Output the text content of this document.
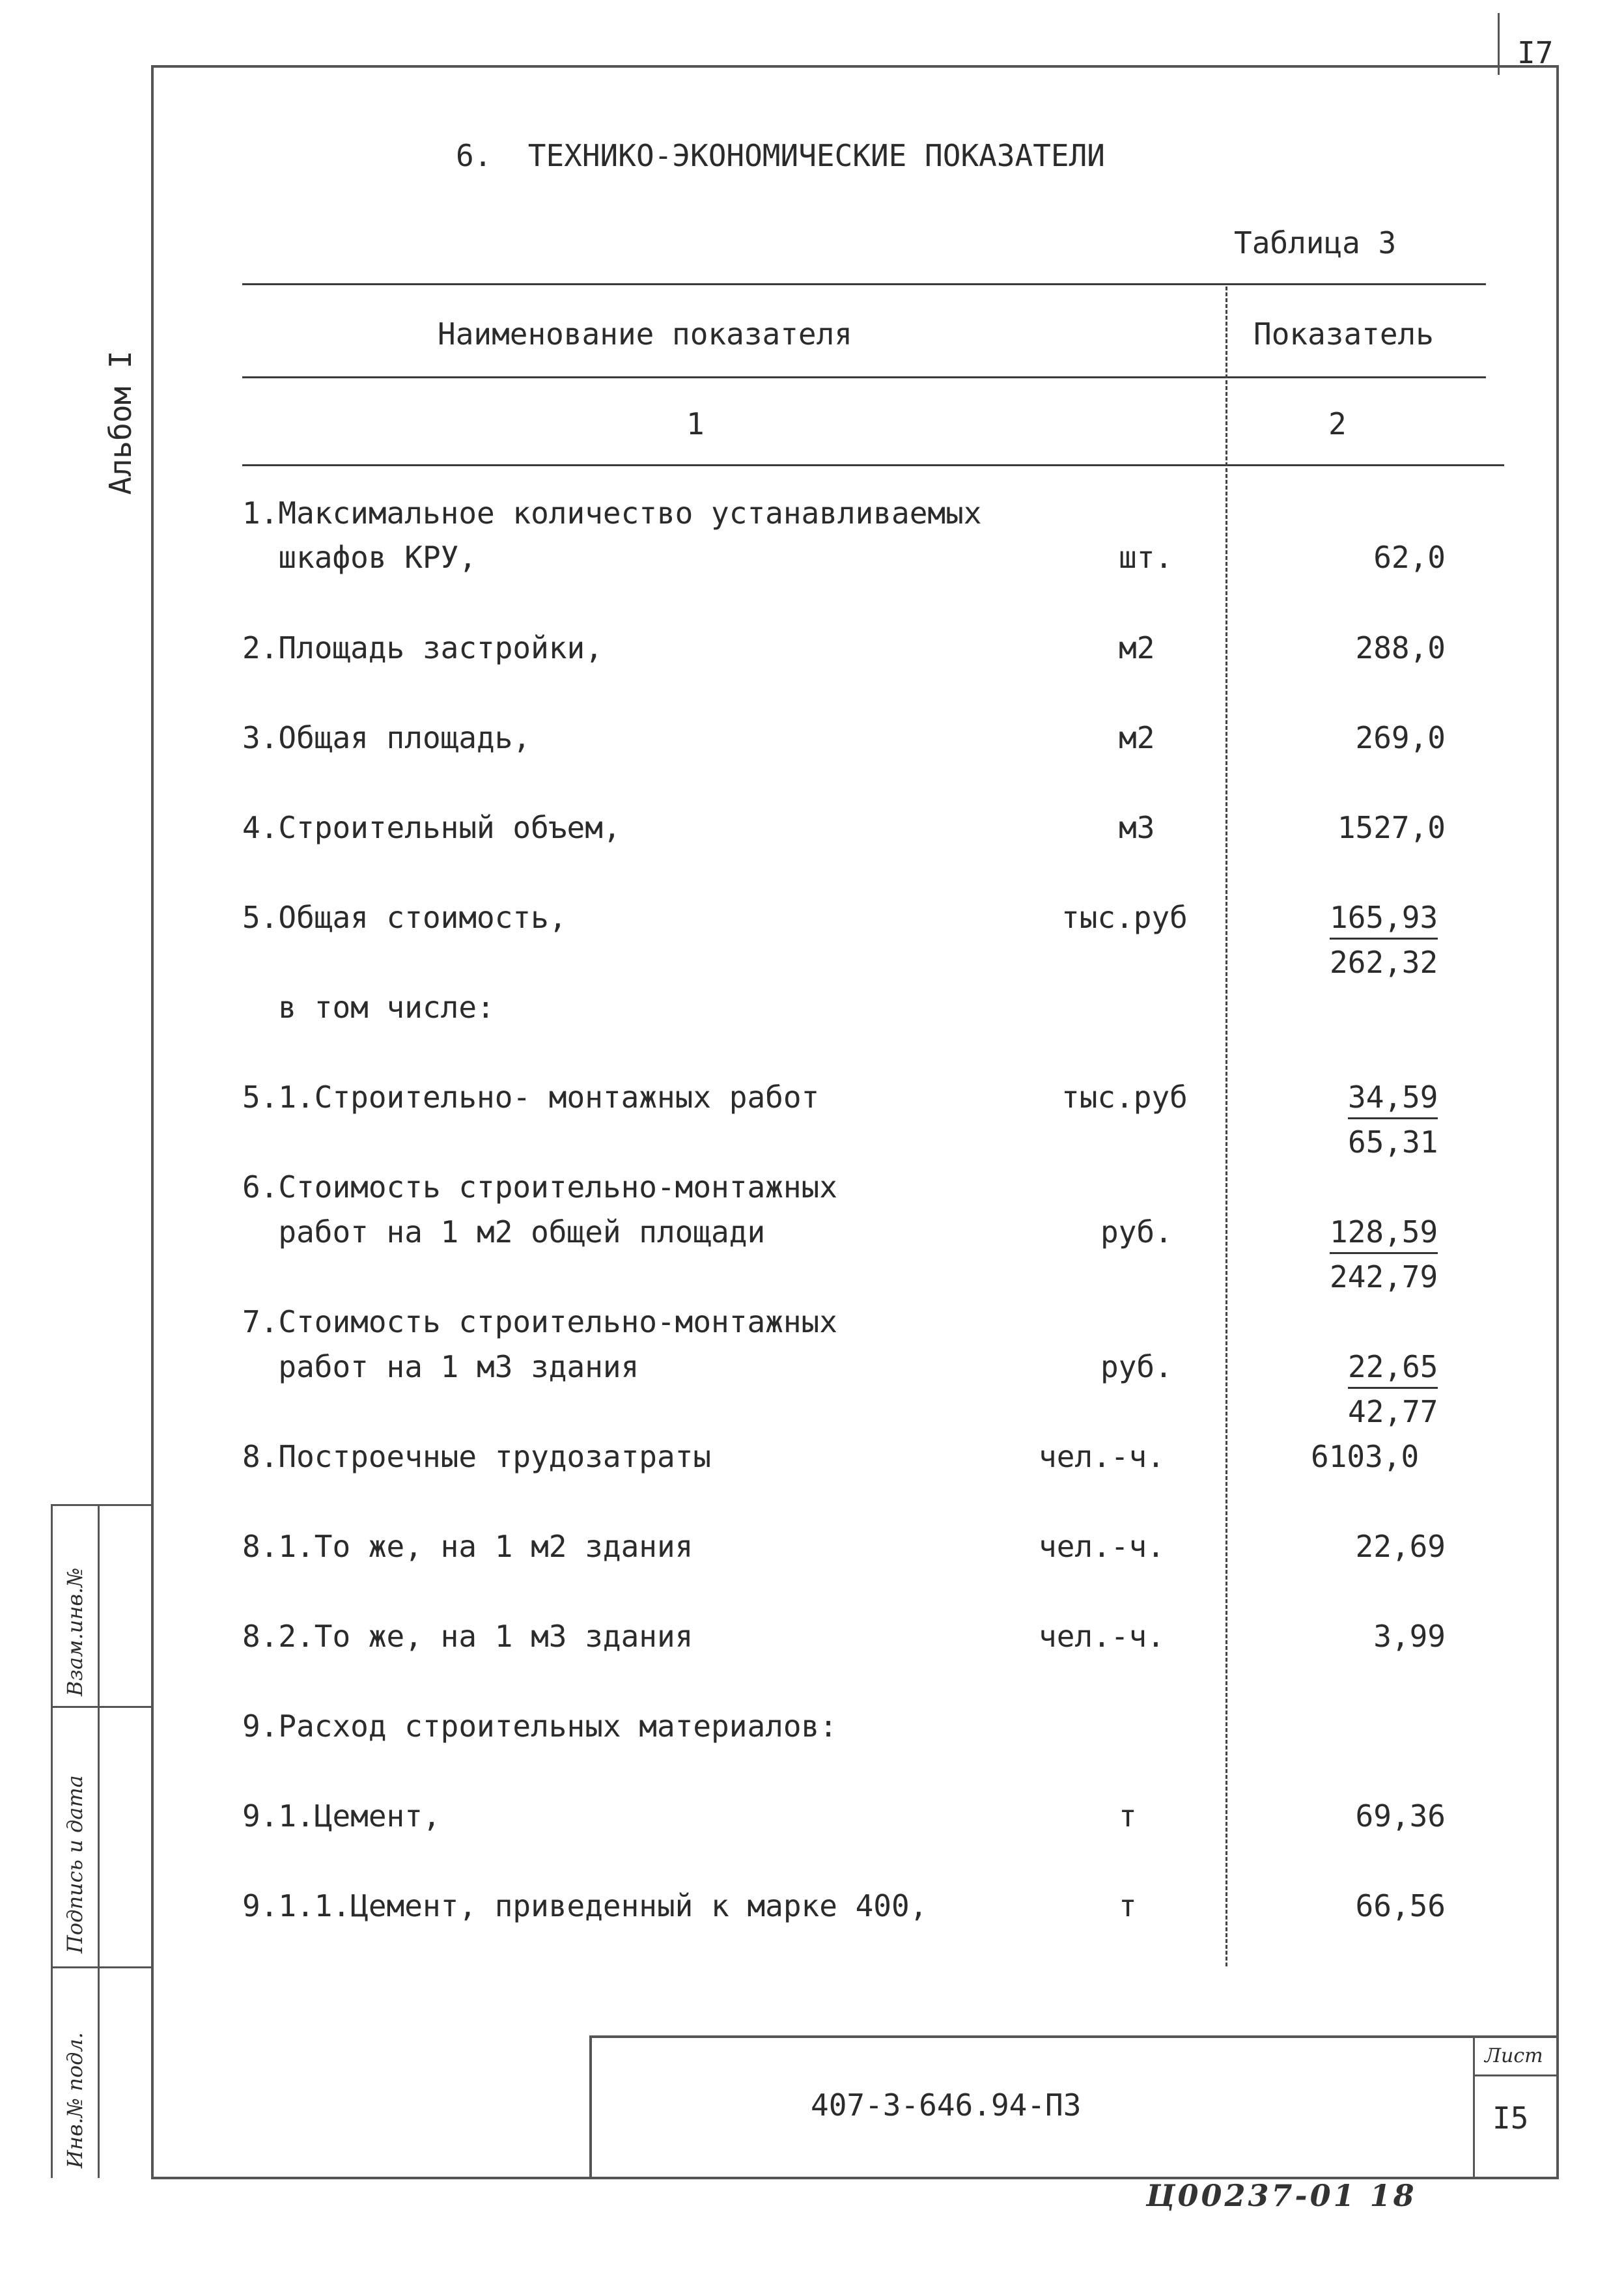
I7
Альбом I
Взам.инв.№
Подпись и дата
Инв.№ подл.
6.  ТЕХНИКО-ЭКОНОМИЧЕСКИЕ ПОКАЗАТЕЛИ
Таблица 3
Наименование показателя	Показатель
1	2
1.Максимальное количество устанавливаемых
шкафов КРУ,	шт.	62,0
2.Площадь застройки,	м2	288,0
3.Общая площадь,	м2	269,0
4.Строительный объем,	м3	1527,0
5.Общая стоимость,	тыс.руб	165,93
262,32
в том числе:
5.1.Строительно- монтажных работ	тыс.руб	34,59
65,31
6.Стоимость строительно-монтажных
работ на 1 м2 общей площади	руб.	128,59
242,79
7.Стоимость строительно-монтажных
работ на 1 м3 здания	руб.	22,65
42,77
8.Построечные трудозатраты	чел.-ч.	6103,0
8.1.То же, на 1 м2 здания	чел.-ч.	22,69
8.2.То же, на 1 м3 здания	чел.-ч.	3,99
9.Расход строительных материалов:
9.1.Цемент,	т	69,36
9.1.1.Цемент, приведенный к марке 400,	т	66,56
407-3-646.94-ПЗ
Лист
I5
Ц00237-01 18
